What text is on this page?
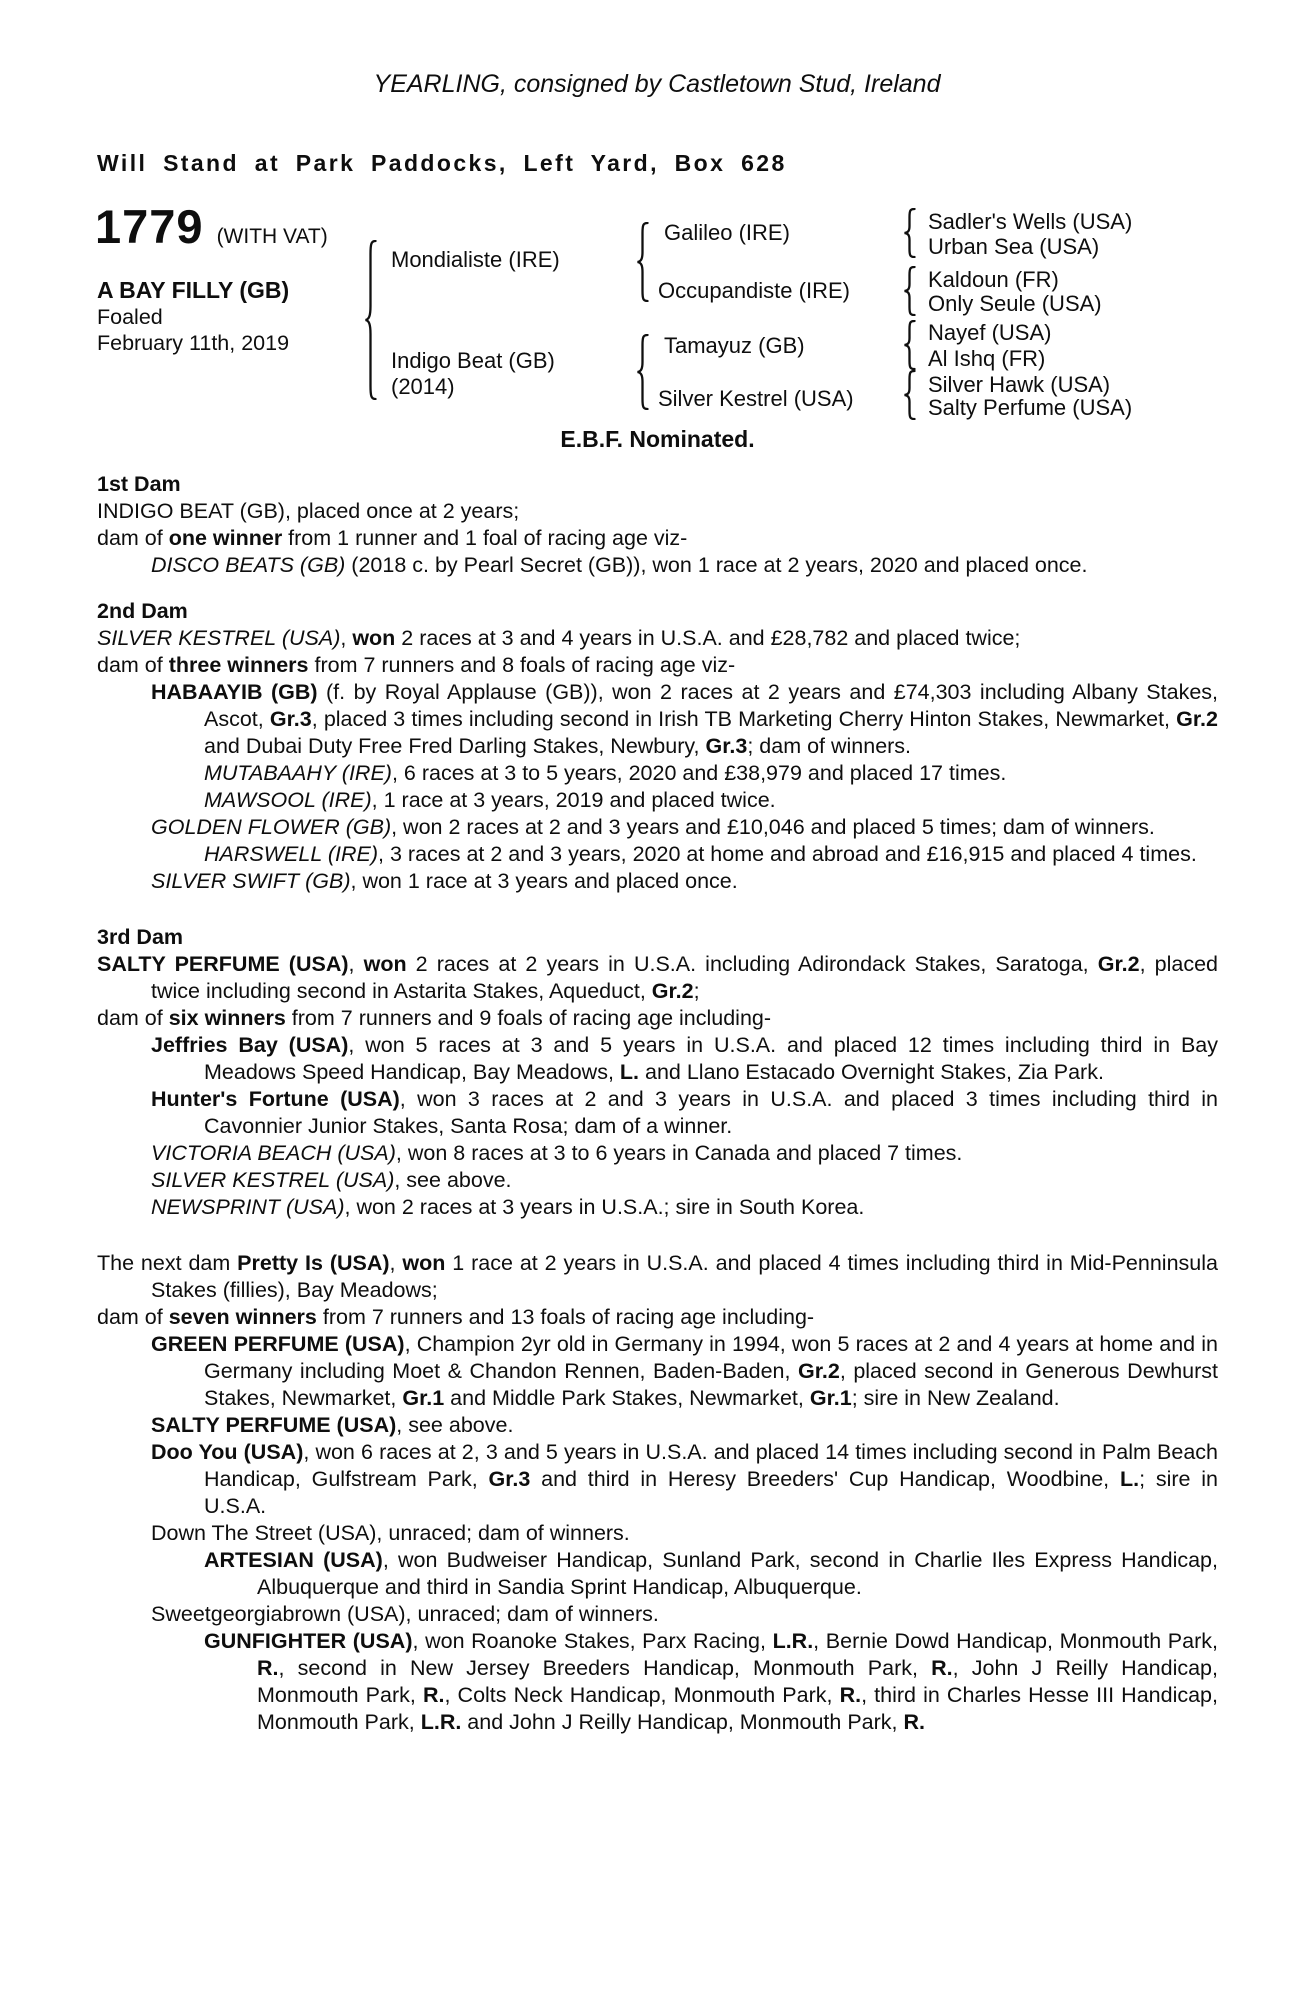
YEARLING, consigned by Castletown Stud, Ireland
Will Stand at Park Paddocks, Left Yard, Box 628
1779 (WITH VAT)
A BAY FILLY (GB)
Foaled
February 11th, 2019
Mondialiste (IRE)
Indigo Beat (GB)
(2014)
Galileo (IRE)
Occupandiste (IRE)
Tamayuz (GB)
Silver Kestrel (USA)
Sadler's Wells (USA)
Urban Sea (USA)
Kaldoun (FR)
Only Seule (USA)
Nayef (USA)
Al Ishq (FR)
Silver Hawk (USA)
Salty Perfume (USA)
E.B.F. Nominated.
1st Dam

INDIGO BEAT (GB), placed once at 2 years;

dam of one winner from 1 runner and 1 foal of racing age viz-

DISCO BEATS (GB) (2018 c. by Pearl Secret (GB)), won 1 race at 2 years, 2020 and placed once.

2nd Dam

SILVER KESTREL (USA), won 2 races at 3 and 4 years in U.S.A. and £28,782 and placed twice;

dam of three winners from 7 runners and 8 foals of racing age viz-

HABAAYIB (GB) (f. by Royal Applause (GB)), won 2 races at 2 years and £74,303 including Albany Stakes, Ascot, Gr.3, placed 3 times including second in Irish TB Marketing Cherry Hinton Stakes, Newmarket, Gr.2 and Dubai Duty Free Fred Darling Stakes, Newbury, Gr.3; dam of winners.

MUTABAAHY (IRE), 6 races at 3 to 5 years, 2020 and £38,979 and placed 17 times.

MAWSOOL (IRE), 1 race at 3 years, 2019 and placed twice.

GOLDEN FLOWER (GB), won 2 races at 2 and 3 years and £10,046 and placed 5 times; dam of winners.

HARSWELL (IRE), 3 races at 2 and 3 years, 2020 at home and abroad and £16,915 and placed 4 times.

SILVER SWIFT (GB), won 1 race at 3 years and placed once.

3rd Dam

SALTY PERFUME (USA), won 2 races at 2 years in U.S.A. including Adirondack Stakes, Saratoga, Gr.2, placed twice including second in Astarita Stakes, Aqueduct, Gr.2;

dam of six winners from 7 runners and 9 foals of racing age including-

Jeffries Bay (USA), won 5 races at 3 and 5 years in U.S.A. and placed 12 times including third in Bay Meadows Speed Handicap, Bay Meadows, L. and Llano Estacado Overnight Stakes, Zia Park.

Hunter's Fortune (USA), won 3 races at 2 and 3 years in U.S.A. and placed 3 times including third in Cavonnier Junior Stakes, Santa Rosa; dam of a winner.

VICTORIA BEACH (USA), won 8 races at 3 to 6 years in Canada and placed 7 times.

SILVER KESTREL (USA), see above.

NEWSPRINT (USA), won 2 races at 3 years in U.S.A.; sire in South Korea.

The next dam Pretty Is (USA), won 1 race at 2 years in U.S.A. and placed 4 times including third in Mid-Penninsula Stakes (fillies), Bay Meadows;

dam of seven winners from 7 runners and 13 foals of racing age including-

GREEN PERFUME (USA), Champion 2yr old in Germany in 1994, won 5 races at 2 and 4 years at home and in Germany including Moet & Chandon Rennen, Baden-Baden, Gr.2, placed second in Generous Dewhurst Stakes, Newmarket, Gr.1 and Middle Park Stakes, Newmarket, Gr.1; sire in New Zealand.

SALTY PERFUME (USA), see above.

Doo You (USA), won 6 races at 2, 3 and 5 years in U.S.A. and placed 14 times including second in Palm Beach Handicap, Gulfstream Park, Gr.3 and third in Heresy Breeders' Cup Handicap, Woodbine, L.; sire in U.S.A.

Down The Street (USA), unraced; dam of winners.

ARTESIAN (USA), won Budweiser Handicap, Sunland Park, second in Charlie Iles Express Handicap, Albuquerque and third in Sandia Sprint Handicap, Albuquerque.

Sweetgeorgiabrown (USA), unraced; dam of winners.

GUNFIGHTER (USA), won Roanoke Stakes, Parx Racing, L.R., Bernie Dowd Handicap, Monmouth Park, R., second in New Jersey Breeders Handicap, Monmouth Park, R., John J Reilly Handicap, Monmouth Park, R., Colts Neck Handicap, Monmouth Park, R., third in Charles Hesse III Handicap, Monmouth Park, L.R. and John J Reilly Handicap, Monmouth Park, R.
